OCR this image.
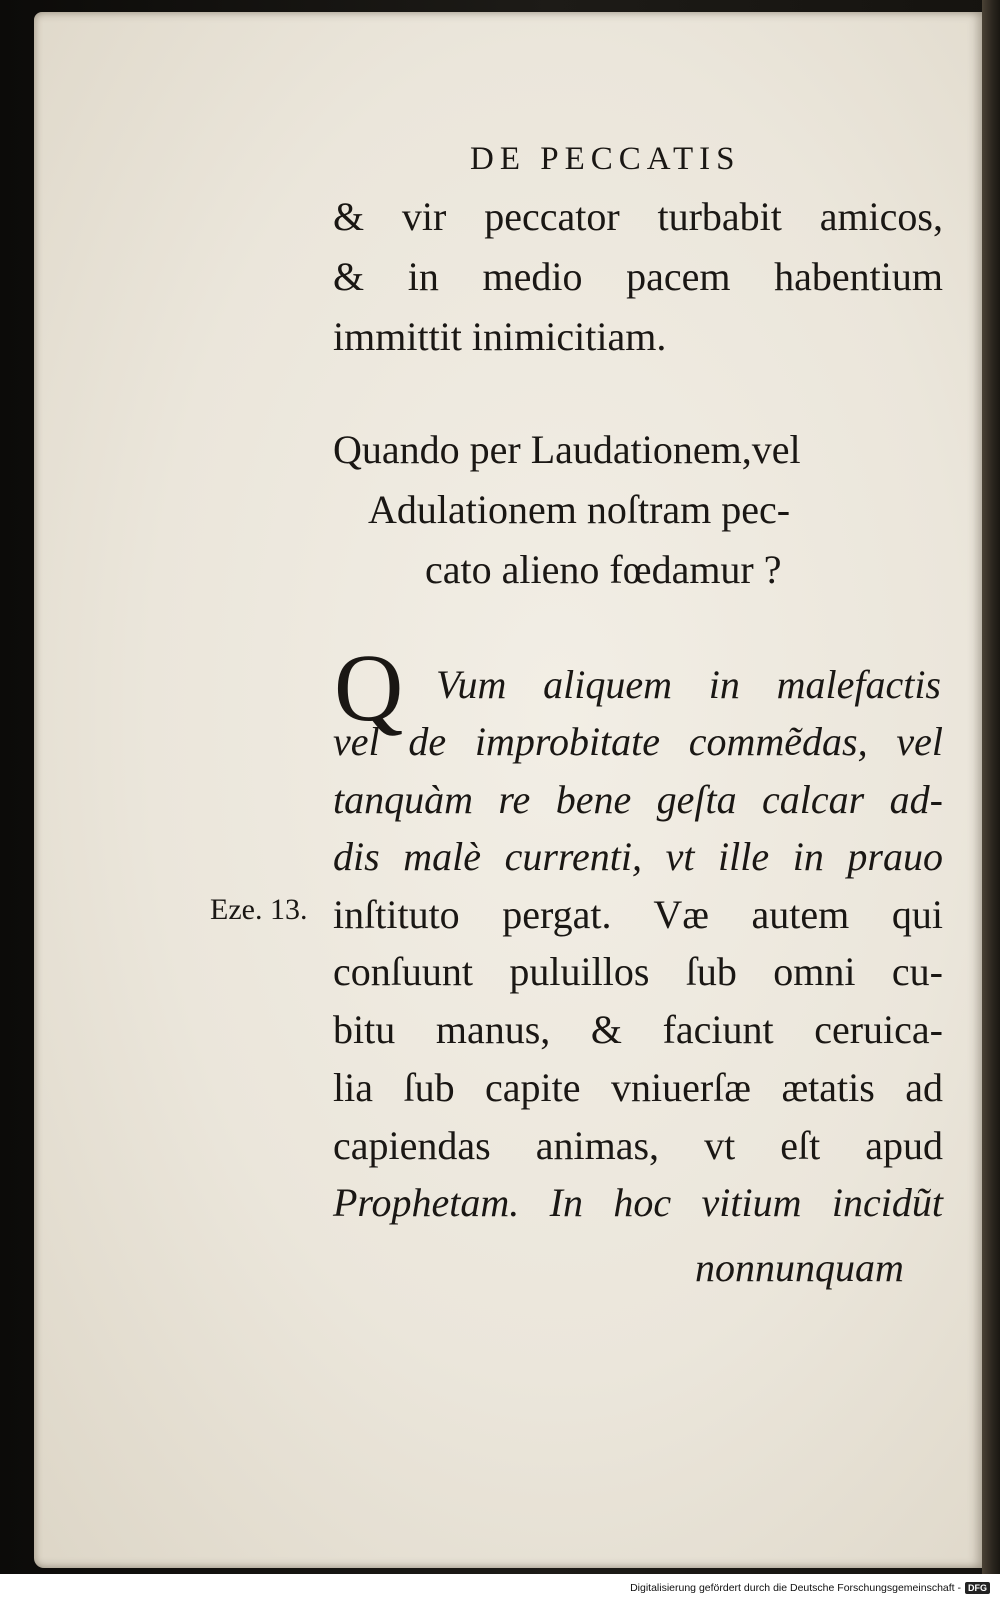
DE PECCATIS
& vir peccator turbabit amicos,
& in medio pacem habentium
immittit inimicitiam.
Quando per Laudationem,vel
Adulationem noſtram pec-
cato alieno fœdamur ?
Q Vum aliquem in malefactis
vel de improbitate commẽdas, vel
tanquàm re bene geſta calcar ad-
dis malè currenti, vt ille in prauo
inſtituto pergat. Væ autem qui
conſuunt puluillos ſub omni cu-
bitu manus, & faciunt ceruica-
lia ſub capite vniuerſæ ætatis ad
capiendas animas, vt eſt apud
Prophetam. In hoc vitium incidũt
nonnunquam
Eze. 13.
Digitalisierung gefördert durch die Deutsche Forschungsgemeinschaft - DFG
